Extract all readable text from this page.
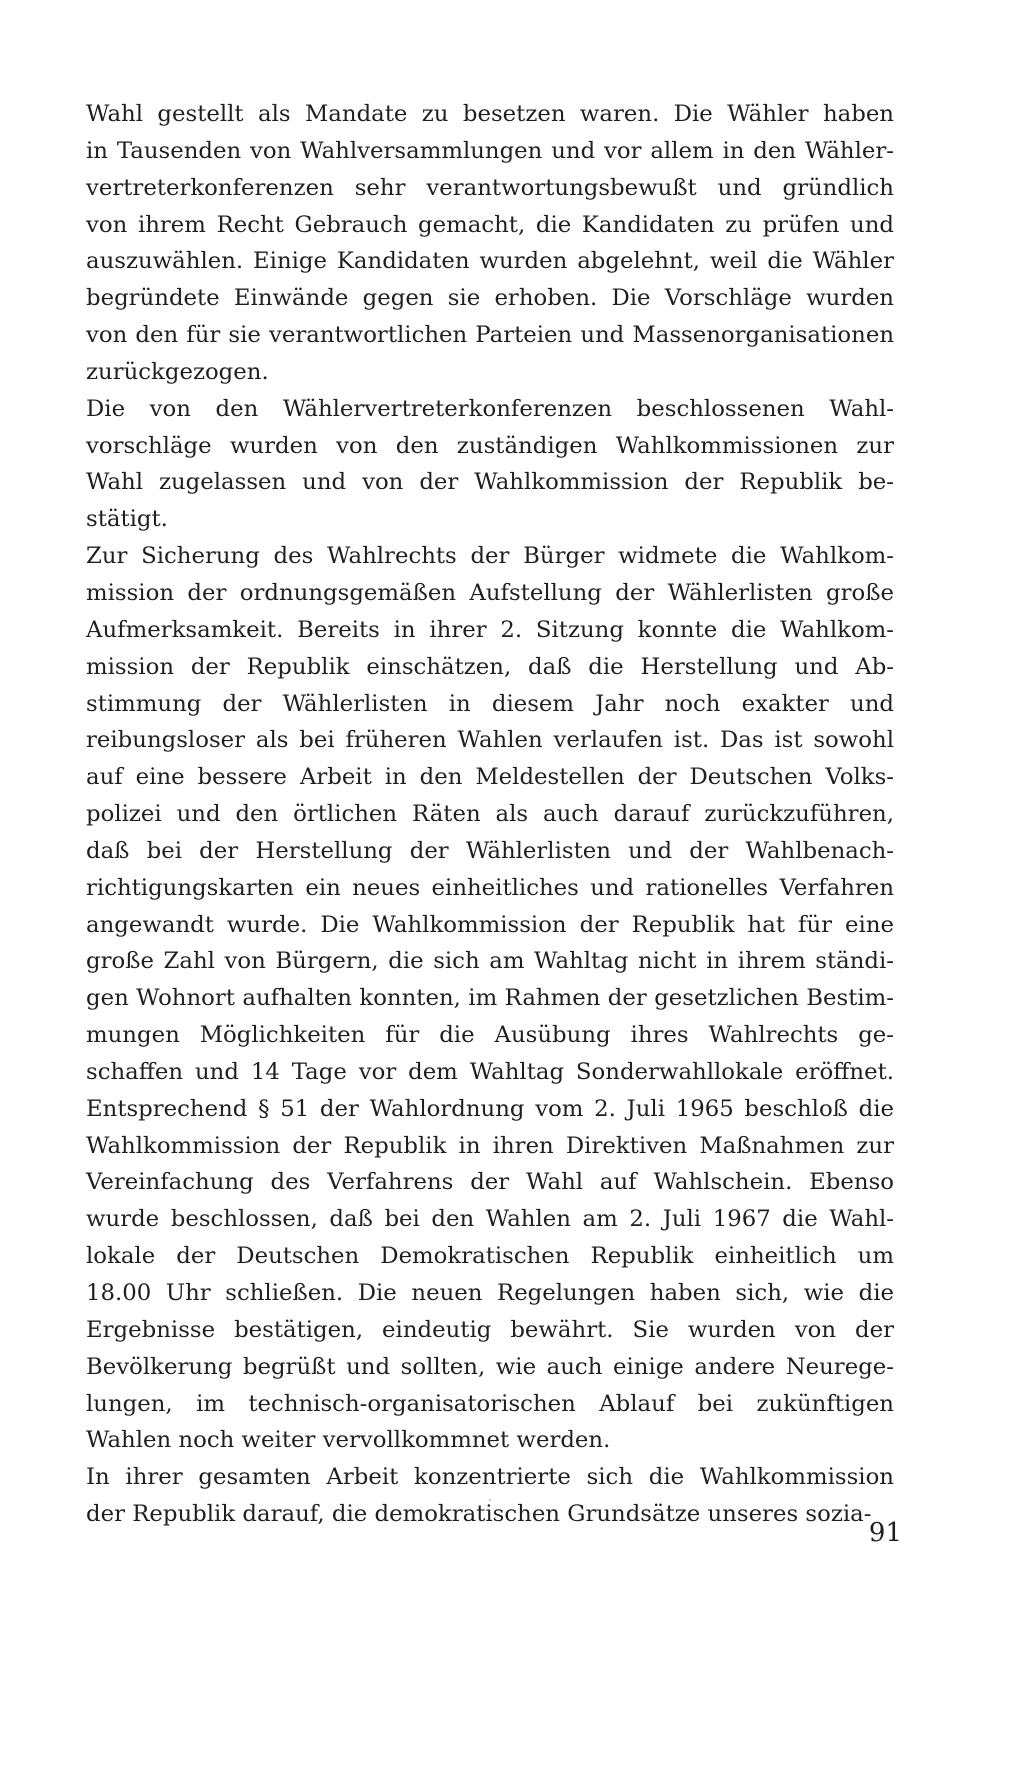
Wahl gestellt als Mandate zu besetzen waren. Die Wähler haben
in Tausenden von Wahlversammlungen und vor allem in den Wähler-
vertreterkonferenzen sehr verantwortungsbewußt und gründlich
von ihrem Recht Gebrauch gemacht, die Kandidaten zu prüfen und
auszuwählen. Einige Kandidaten wurden abgelehnt, weil die Wähler
begründete Einwände gegen sie erhoben. Die Vorschläge wurden
von den für sie verantwortlichen Parteien und Massenorganisationen
zurückgezogen.
Die von den Wählervertreterkonferenzen beschlossenen Wahl-
vorschläge wurden von den zuständigen Wahlkommissionen zur
Wahl zugelassen und von der Wahlkommission der Republik be-
stätigt.
Zur Sicherung des Wahlrechts der Bürger widmete die Wahlkom-
mission der ordnungsgemäßen Aufstellung der Wählerlisten große
Aufmerksamkeit. Bereits in ihrer 2. Sitzung konnte die Wahlkom-
mission der Republik einschätzen, daß die Herstellung und Ab-
stimmung der Wählerlisten in diesem Jahr noch exakter und
reibungsloser als bei früheren Wahlen verlaufen ist. Das ist sowohl
auf eine bessere Arbeit in den Meldestellen der Deutschen Volks-
polizei und den örtlichen Räten als auch darauf zurückzuführen,
daß bei der Herstellung der Wählerlisten und der Wahlbenach-
richtigungskarten ein neues einheitliches und rationelles Verfahren
angewandt wurde. Die Wahlkommission der Republik hat für eine
große Zahl von Bürgern, die sich am Wahltag nicht in ihrem ständi-
gen Wohnort aufhalten konnten, im Rahmen der gesetzlichen Bestim-
mungen Möglichkeiten für die Ausübung ihres Wahlrechts ge-
schaffen und 14 Tage vor dem Wahltag Sonderwahllokale eröffnet.
Entsprechend § 51 der Wahlordnung vom 2. Juli 1965 beschloß die
Wahlkommission der Republik in ihren Direktiven Maßnahmen zur
Vereinfachung des Verfahrens der Wahl auf Wahlschein. Ebenso
wurde beschlossen, daß bei den Wahlen am 2. Juli 1967 die Wahl-
lokale der Deutschen Demokratischen Republik einheitlich um
18.00 Uhr schließen. Die neuen Regelungen haben sich, wie die
Ergebnisse bestätigen, eindeutig bewährt. Sie wurden von der
Bevölkerung begrüßt und sollten, wie auch einige andere Neurege-
lungen, im technisch-organisatorischen Ablauf bei zukünftigen
Wahlen noch weiter vervollkommnet werden.
In ihrer gesamten Arbeit konzentrierte sich die Wahlkommission
der Republik darauf, die demokratischen Grundsätze unseres sozia-
91
